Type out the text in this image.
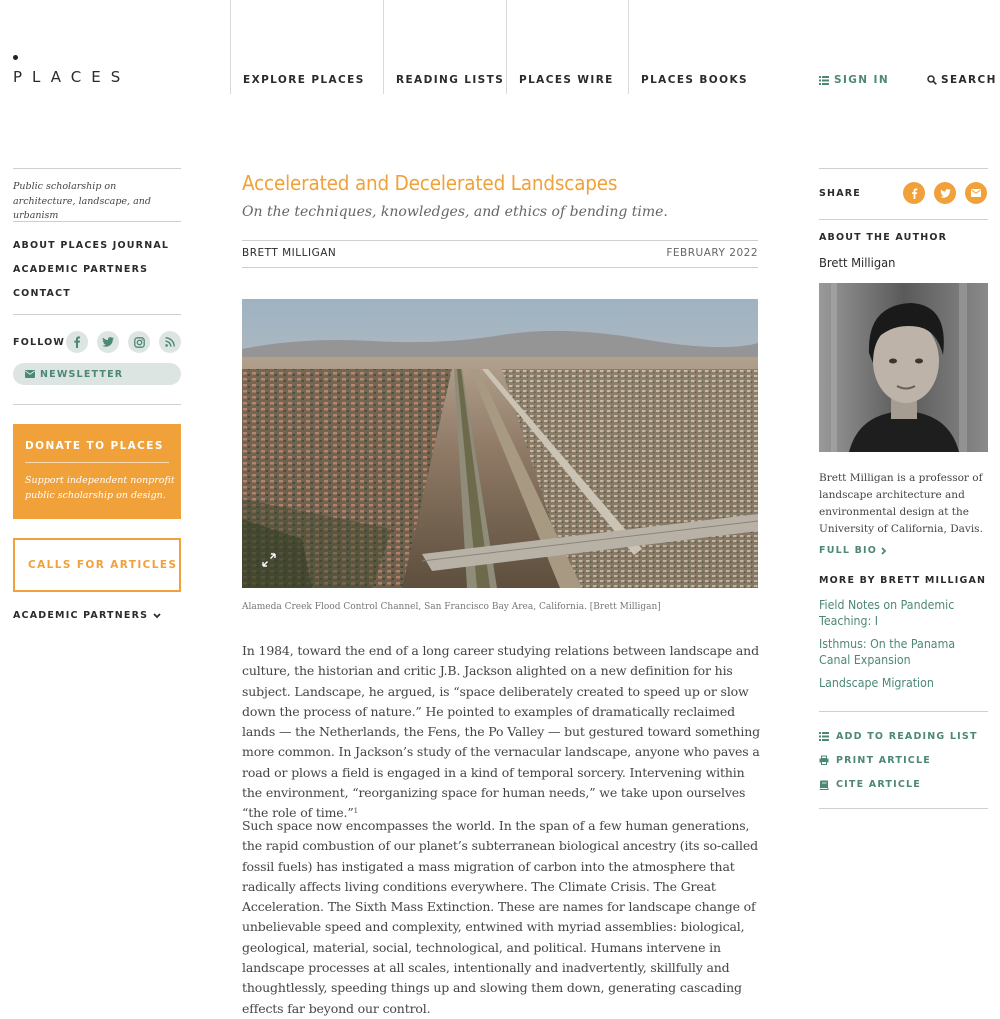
PLACES	EXPLORE PLACES	READING LISTS PLACES WIRE	PLACES BOOKS	SIGN IN	SEARCH
Public scholarship on architecture, landscape, and urbanism
ABOUT PLACES JOURNAL
ACADEMIC PARTNERS
CONTACT
FOLLOW
NEWSLETTER
DONATE TO PLACES
Support independent nonprofit public scholarship on design.
CALLS FOR ARTICLES
ACADEMIC PARTNERS
Accelerated and Decelerated Landscapes
On the techniques, knowledges, and ethics of bending time.
BRETT MILLIGAN	FEBRUARY 2022
Alameda Creek Flood Control Channel, San Francisco Bay Area, California. [Brett Milligan]
In 1984, toward the end of a long career studying relations between landscape and culture, the historian and critic J.B. Jackson alighted on a new definition for his subject. Landscape, he argued, is “space deliberately created to speed up or slow down the process of nature.” He pointed to examples of dramatically reclaimed lands — the Netherlands, the Fens, the Po Valley — but gestured toward something more common. In Jackson’s study of the vernacular landscape, anyone who paves a road or plows a field is engaged in a kind of temporal sorcery. Intervening within the environment, “reorganizing space for human needs,” we take upon ourselves “the role of time.”$^1$
Such space now encompasses the world. In the span of a few human generations, the rapid combustion of our planet’s subterranean biological ancestry (its so-called fossil fuels) has instigated a mass migration of carbon into the atmosphere that radically affects living conditions everywhere. The Climate Crisis. The Great Acceleration. The Sixth Mass Extinction. These are names for landscape change of unbelievable speed and complexity, entwined with myriad assemblies: biological, geological, material, social, technological, and political. Humans intervene in landscape processes at all scales, intentionally and inadvertently, skillfully and thoughtlessly, speeding things up and slowing them down, generating cascading effects far beyond our control.
SHARE
ABOUT THE AUTHOR
Brett Milligan
Brett Milligan is a professor of landscape architecture and environmental design at the University of California, Davis.
FULL BIO
MORE BY BRETT MILLIGAN
Field Notes on Pandemic Teaching: I
Isthmus: On the Panama Canal Expansion
Landscape Migration
ADD TO READING LIST
PRINT ARTICLE
CITE ARTICLE
